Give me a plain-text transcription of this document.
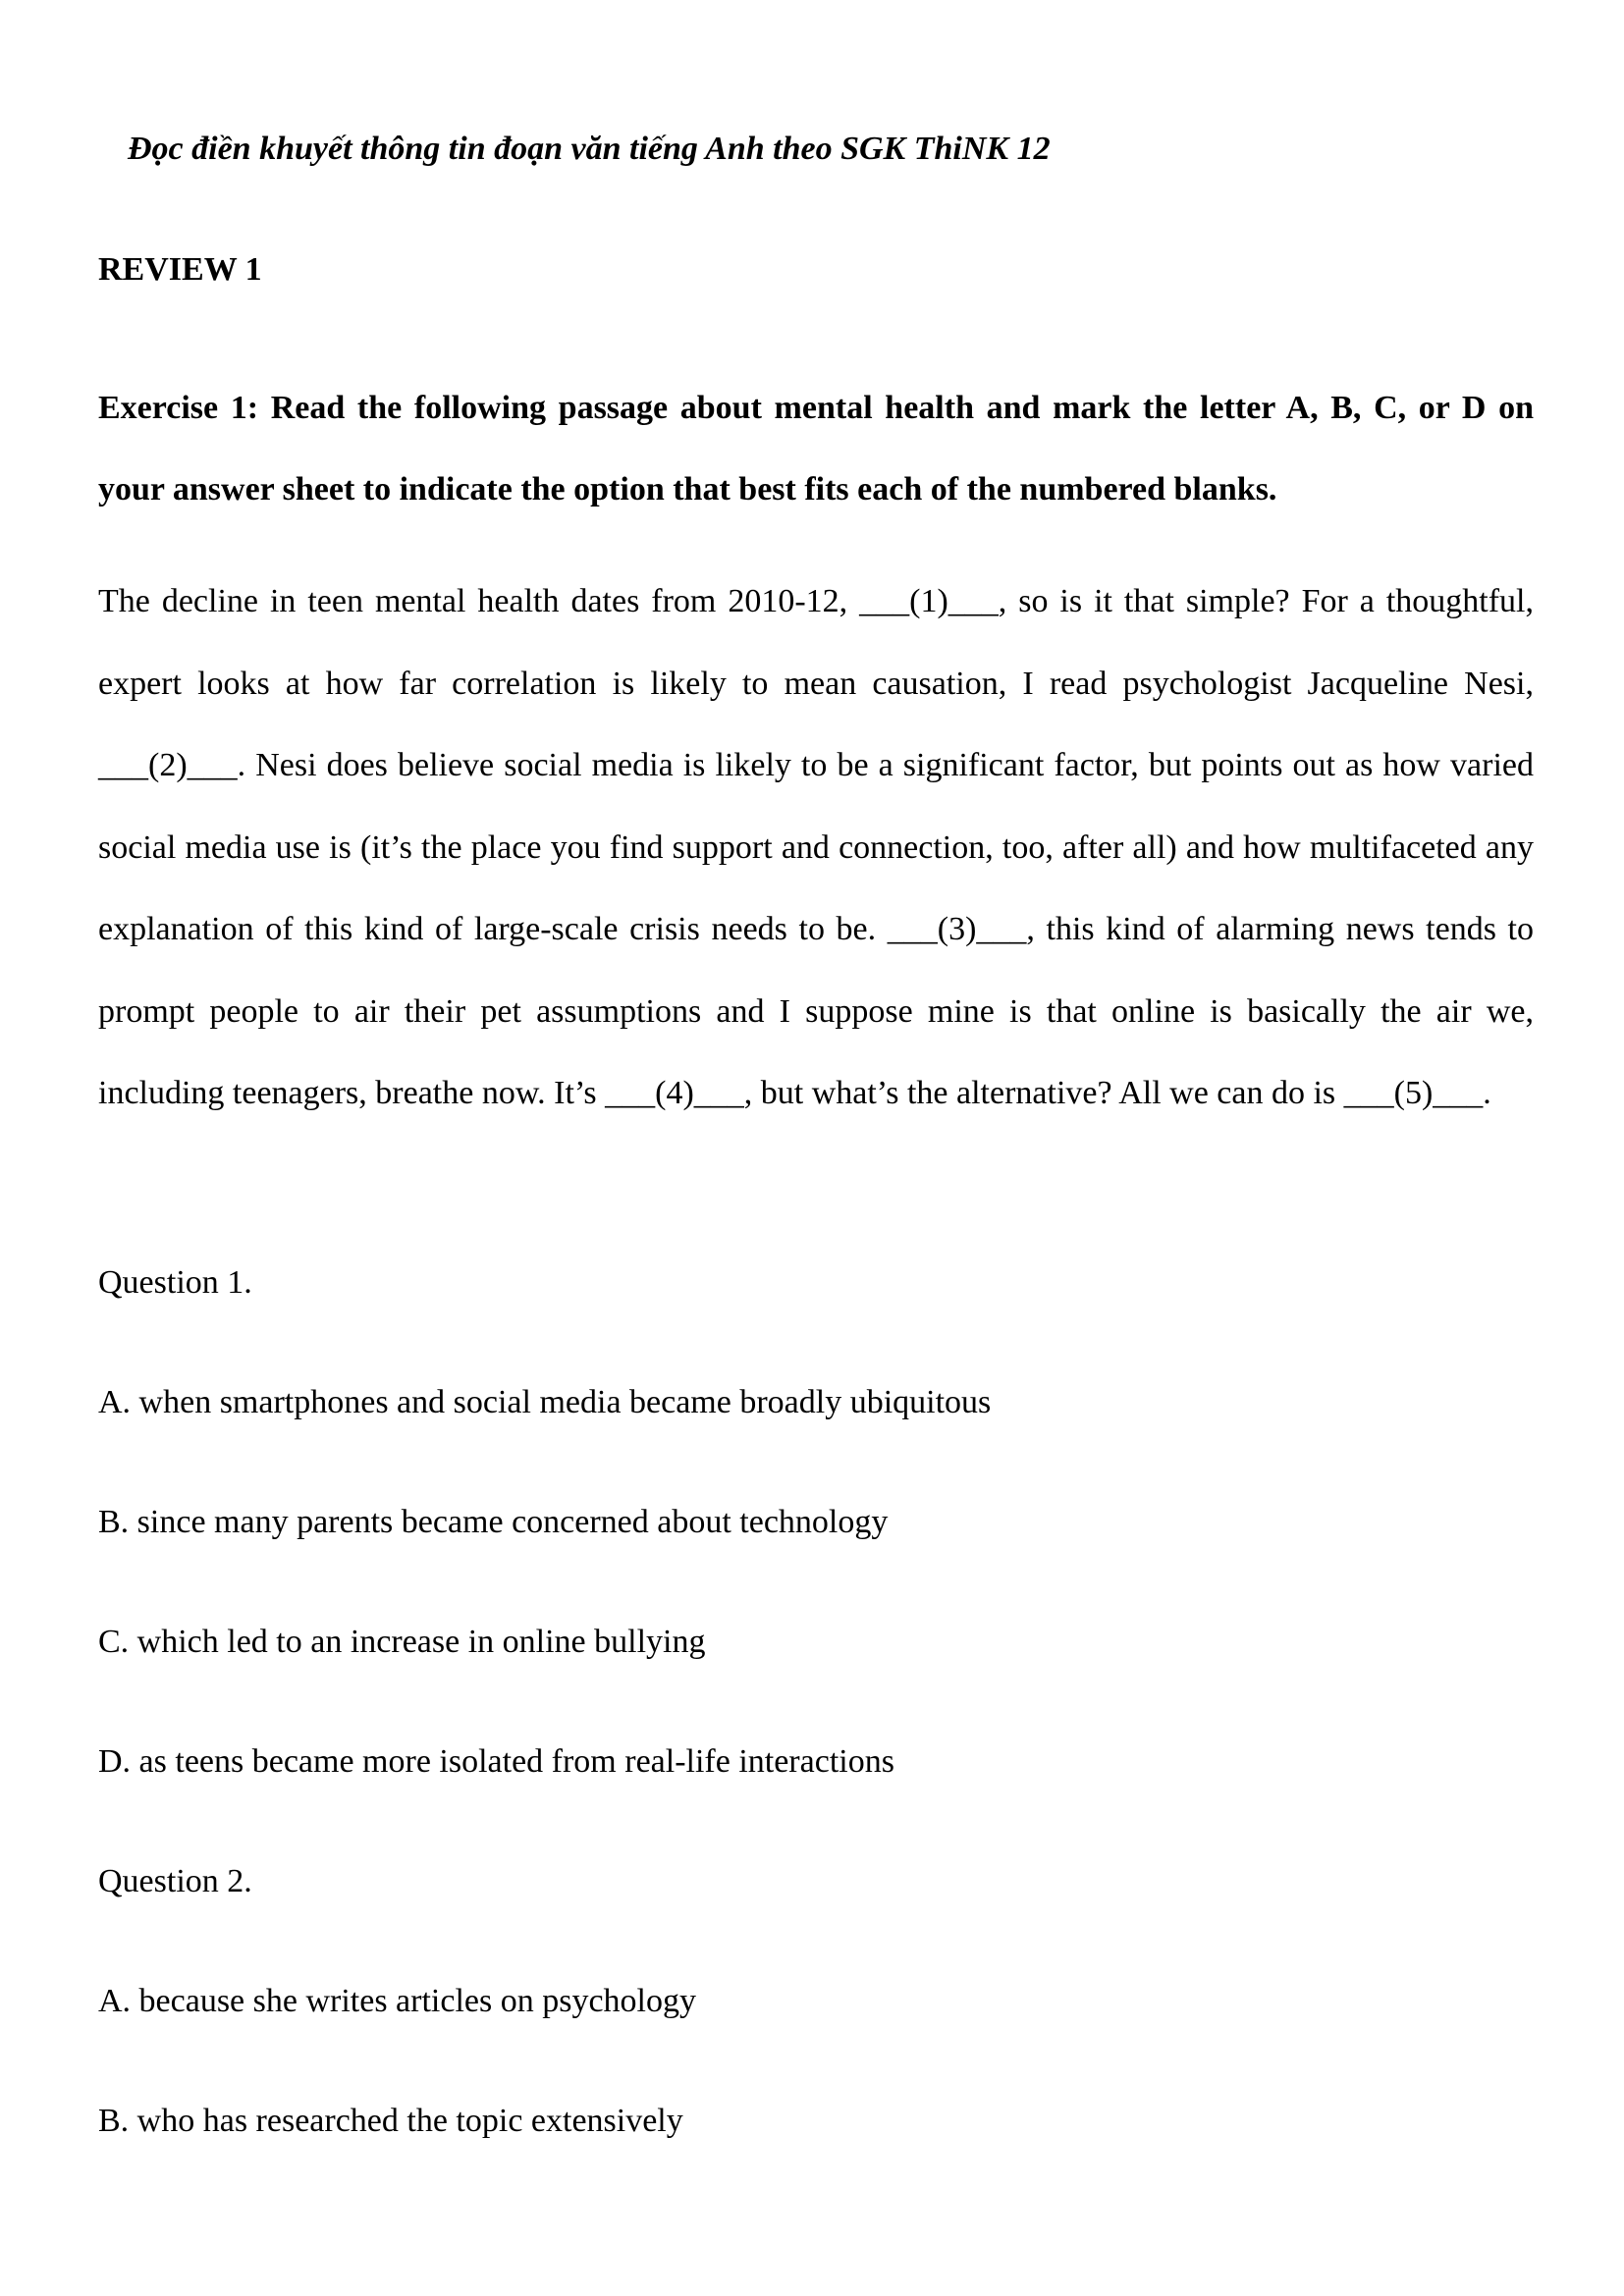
Đọc điền khuyết thông tin đoạn văn tiếng Anh theo SGK ThiNK 12

REVIEW 1

Exercise 1: Read the following passage about mental health and mark the letter A, B, C, or D on your answer sheet to indicate the option that best fits each of the numbered blanks.

The decline in teen mental health dates from 2010-12, ___(1)___, so is it that simple? For a thoughtful, expert looks at how far correlation is likely to mean causation, I read psychologist Jacqueline Nesi, ___(2)___. Nesi does believe social media is likely to be a significant factor, but points out as how varied social media use is (it’s the place you find support and connection, too, after all) and how multifaceted any explanation of this kind of large-scale crisis needs to be. ___(3)___, this kind of alarming news tends to prompt people to air their pet assumptions and I suppose mine is that online is basically the air we, including teenagers, breathe now. It’s ___(4)___, but what’s the alternative? All we can do is ___(5)___.

Question 1.

A. when smartphones and social media became broadly ubiquitous

B. since many parents became concerned about technology

C. which led to an increase in online bullying

D. as teens became more isolated from real-life interactions

Question 2.

A. because she writes articles on psychology

B. who has researched the topic extensively
